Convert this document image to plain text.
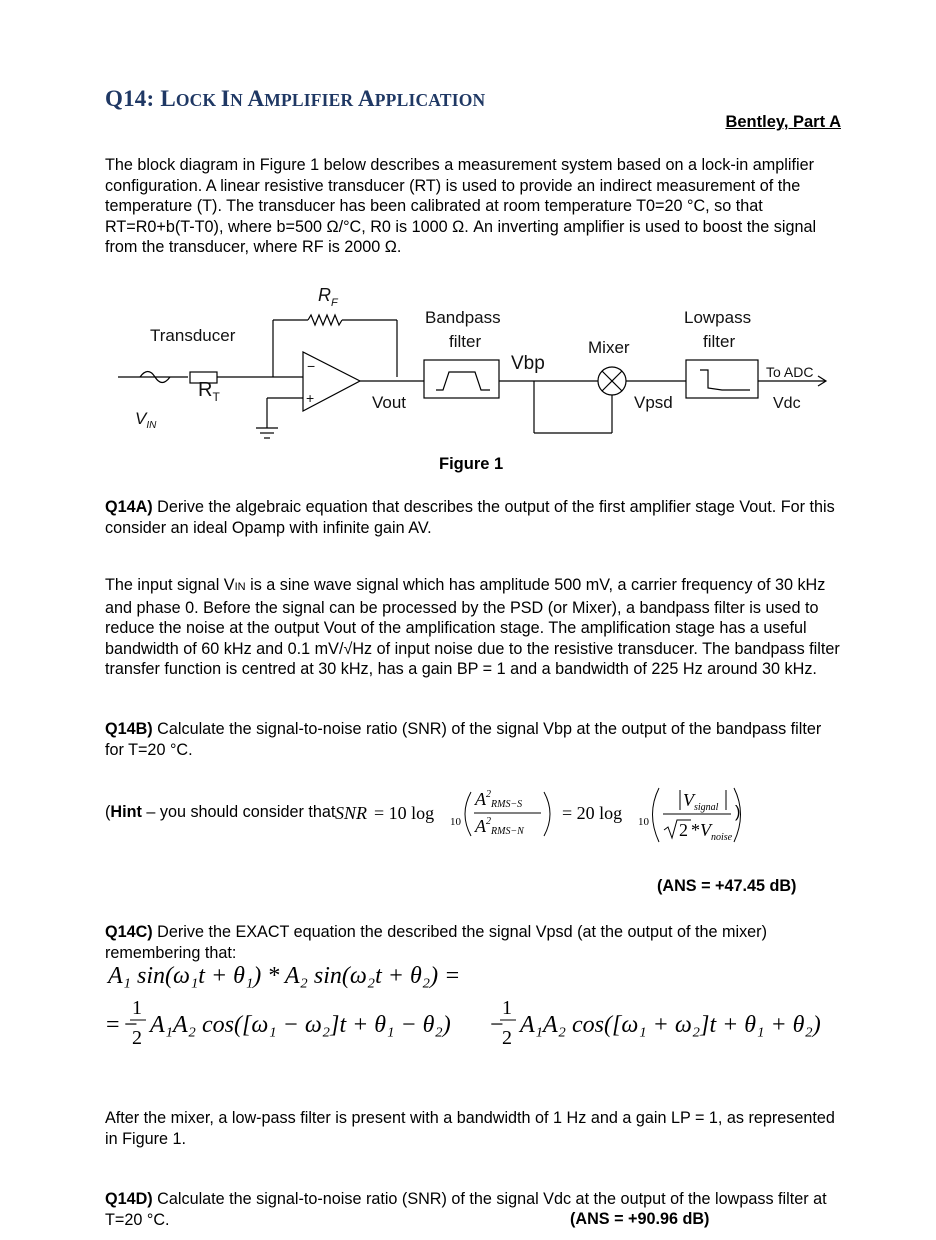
Q14: LOCK IN AMPLIFIER APPLICATION
Bentley, Part A

The block diagram in Figure 1 below describes a measurement system based on a lock-in amplifier configuration. A linear resistive transducer (RT) is used to provide an indirect measurement of the temperature (T). The transducer has been calibrated at room temperature T0=20 °C, so that RT=R0+b(T-T0), where b=500 Ω/°C, R0 is 1000 Ω. An inverting amplifier is used to boost the signal from the transducer, where RF is 2000 Ω.

Transducer
$R_T$
$R_F$
$V_{IN}$
−
+	Vout
Bandpass
filter
Vbp
Mixer
Vpsd
Lowpass
filter
To ADC
Vdc
Figure 1

Q14A) Derive the algebraic equation that describes the output of the first amplifier stage Vout. For this consider an ideal Opamp with infinite gain AV.

The input signal VIN is a sine wave signal which has amplitude 500 mV, a carrier frequency of 30 kHz and phase 0. Before the signal can be processed by the PSD (or Mixer), a bandpass filter is used to reduce the noise at the output Vout of the amplification stage. The amplification stage has a useful bandwidth of 60 kHz and 0.1 mV/√Hz of input noise due to the resistive transducer. The bandpass filter transfer function is centred at 30 kHz, has a gain BP = 1 and a bandwidth of 225 Hz around 30 kHz.

Q14B) Calculate the signal-to-noise ratio (SNR) of the signal Vbp at the output of the bandpass filter for T=20 °C.

(Hint – you should consider that SNR = 10 log 10
$A^2_{RMS-S}$
$A^2_{RMS-N}$
= 20 log 10
$V_{signal}$
$2 * V_{noise}$
)
(ANS = +47.45 dB)

Q14C) Derive the EXACT equation the described the signal Vpsd (at the output of the mixer) remembering that:

A₁ sin(ω₁t + θ₁) * A₂ sin(ω₂t + θ₂) =
= −
1
2 A₁A₂ cos([ω₁ − ω₂]t + θ₁ − θ₂) −
1
2 A₁A₂ cos([ω₁ + ω₂]t + θ₁ + θ₂)

After the mixer, a low-pass filter is present with a bandwidth of 1 Hz and a gain LP = 1, as represented in Figure 1.

Q14D) Calculate the signal-to-noise ratio (SNR) of the signal Vdc at the output of the lowpass filter at T=20 °C.	(ANS = +90.96 dB)
